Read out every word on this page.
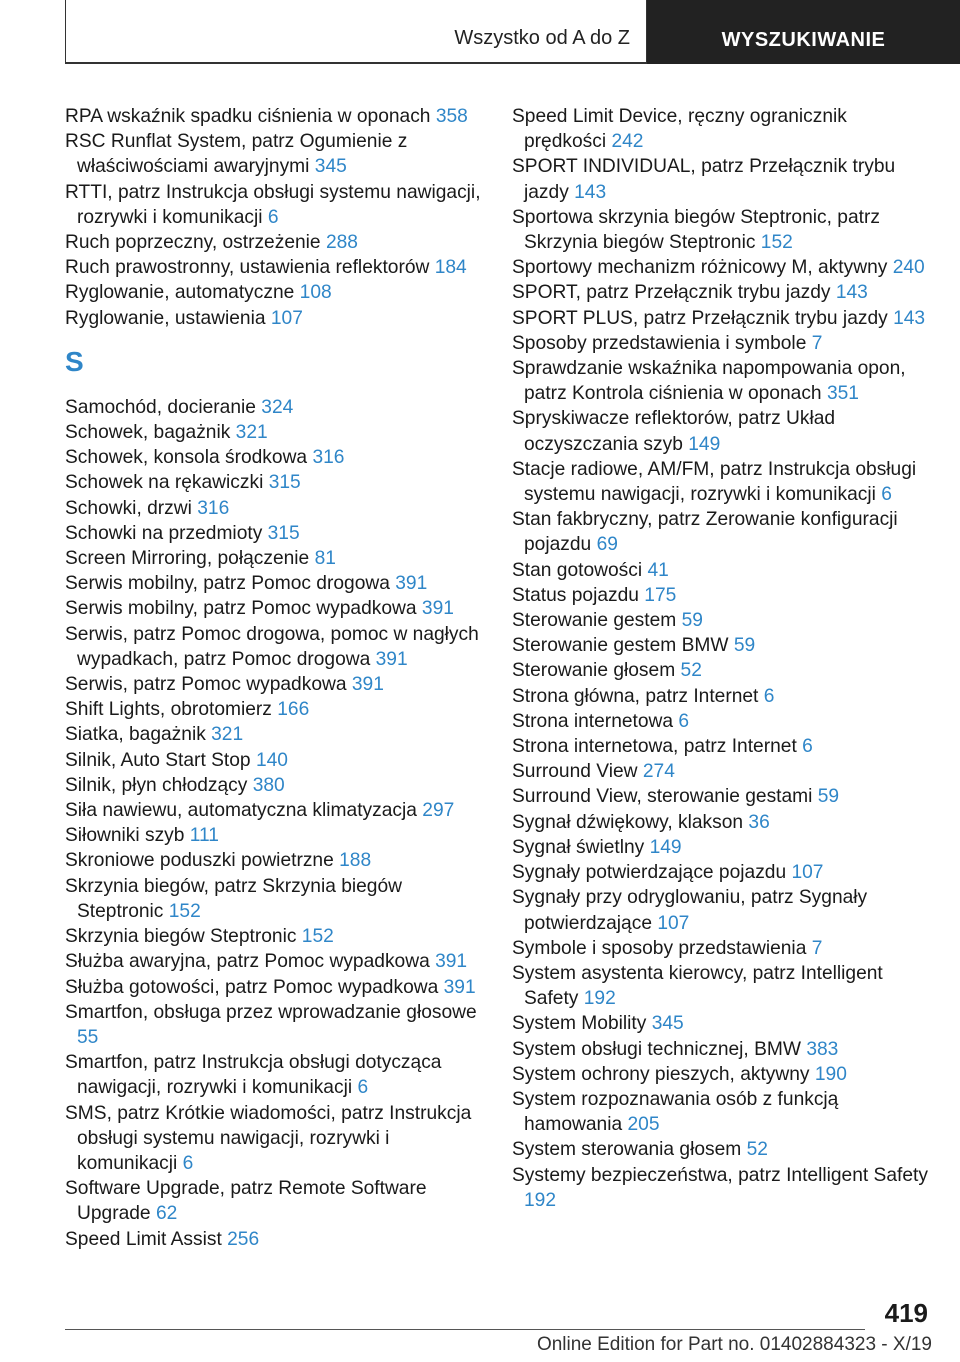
Wszystko od A do Z	WYSZUKIWANIE
RPA wskaźnik spadku ciśnienia w oponach 358
RSC Runflat System, patrz Ogumienie z właściwościami awaryjnymi 345
RTTI, patrz Instrukcja obsługi systemu nawigacji, rozrywki i komunikacji 6
Ruch poprzeczny, ostrzeżenie 288
Ruch prawostronny, ustawienia reflektorów 184
Ryglowanie, automatyczne 108
Ryglowanie, ustawienia 107
S
Samochód, docieranie 324
Schowek, bagażnik 321
Schowek, konsola środkowa 316
Schowek na rękawiczki 315
Schowki, drzwi 316
Schowki na przedmioty 315
Screen Mirroring, połączenie 81
Serwis mobilny, patrz Pomoc drogowa 391
Serwis mobilny, patrz Pomoc wypadkowa 391
Serwis, patrz Pomoc drogowa, pomoc w nagłych wypadkach, patrz Pomoc drogowa 391
Serwis, patrz Pomoc wypadkowa 391
Shift Lights, obrotomierz 166
Siatka, bagażnik 321
Silnik, Auto Start Stop 140
Silnik, płyn chłodzący 380
Siła nawiewu, automatyczna klimatyzacja 297
Siłowniki szyb 111
Skroniowe poduszki powietrzne 188
Skrzynia biegów, patrz Skrzynia biegów Steptronic 152
Skrzynia biegów Steptronic 152
Służba awaryjna, patrz Pomoc wypadkowa 391
Służba gotowości, patrz Pomoc wypadkowa 391
Smartfon, obsługa przez wprowadzanie głosowe 55
Smartfon, patrz Instrukcja obsługi dotycząca nawigacji, rozrywki i komunikacji 6
SMS, patrz Krótkie wiadomości, patrz Instrukcja obsługi systemu nawigacji, rozrywki i komunikacji 6
Software Upgrade, patrz Remote Software Upgrade 62
Speed Limit Assist 256
Speed Limit Device, ręczny ogranicznik prędkości 242
SPORT INDIVIDUAL, patrz Przełącznik trybu jazdy 143
Sportowa skrzynia biegów Steptronic, patrz Skrzynia biegów Steptronic 152
Sportowy mechanizm różnicowy M, aktywny 240
SPORT, patrz Przełącznik trybu jazdy 143
SPORT PLUS, patrz Przełącznik trybu jazdy 143
Sposoby przedstawienia i symbole 7
Sprawdzanie wskaźnika napompowania opon, patrz Kontrola ciśnienia w oponach 351
Spryskiwacze reflektorów, patrz Układ oczyszczania szyb 149
Stacje radiowe, AM/FM, patrz Instrukcja obsługi systemu nawigacji, rozrywki i komunikacji 6
Stan fakbryczny, patrz Zerowanie konfiguracji pojazdu 69
Stan gotowości 41
Status pojazdu 175
Sterowanie gestem 59
Sterowanie gestem BMW 59
Sterowanie głosem 52
Strona główna, patrz Internet 6
Strona internetowa 6
Strona internetowa, patrz Internet 6
Surround View 274
Surround View, sterowanie gestami 59
Sygnał dźwiękowy, klakson 36
Sygnał świetlny 149
Sygnały potwierdzające pojazdu 107
Sygnały przy odryglowaniu, patrz Sygnały potwierdzające 107
Symbole i sposoby przedstawienia 7
System asystenta kierowcy, patrz Intelligent Safety 192
System Mobility 345
System obsługi technicznej, BMW 383
System ochrony pieszych, aktywny 190
System rozpoznawania osób z funkcją hamowania 205
System sterowania głosem 52
Systemy bezpieczeństwa, patrz Intelligent Safety 192
419
Online Edition for Part no. 01402884323 - X/19
